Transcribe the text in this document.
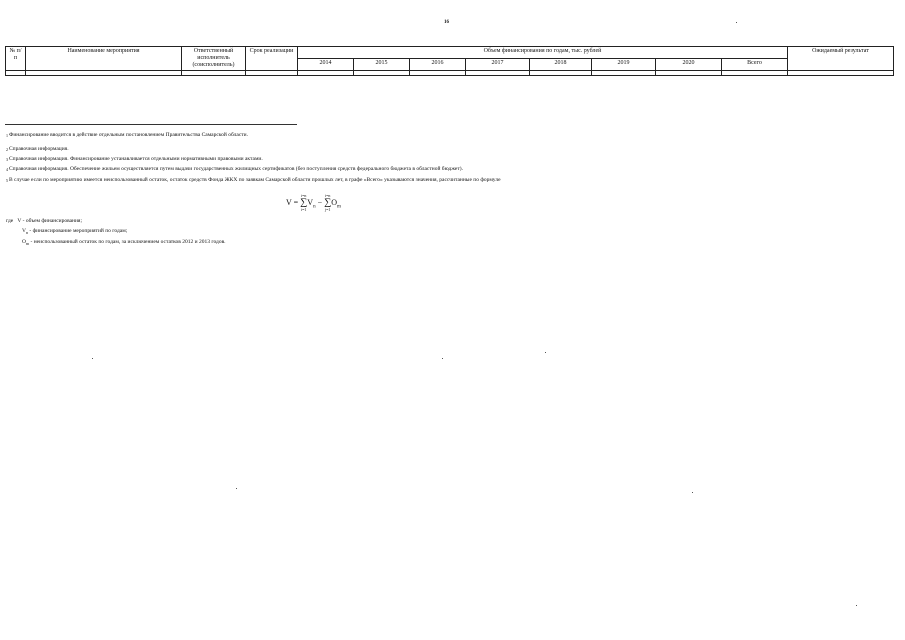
16
№ п/п	Наименование мероприятия	Ответственный исполнитель (соисполнитель)	Срок реализации	Объем финансирования по годам, тыс. рублей								Ожидаемый результат
				2014	2015	2016	2017	2018	2019	2020	Всего	

$^1$Финансирование вводится в действие отдельным постановлением Правительства Самарской области.
$^2$Справочная информация.
$^3$Справочная информация. Финансирование устанавливается отдельными нормативными правовыми актами.
$^4$Справочная информация. Обеспечение жильем осуществляется путем выдачи государственных жилищных сертификатов (без поступления средств федерального бюджета в областной бюджет).
$^5$В случае если по мероприятию имеется неиспользованный остаток, остаток средств Фонда ЖКХ по заявкам Самарской области прошлых лет, в графе «Всего» указываются значения, рассчитанные по формуле
V = i=n
∑
$i=1V_n - i=n$
∑
$j=1O_m$
где V - объем финансирования;
$V_n$ - финансирование мероприятий по годам;
$O_m$ - неиспользованный остаток по годам, за исключением остатков 2012 и 2013 годов.
